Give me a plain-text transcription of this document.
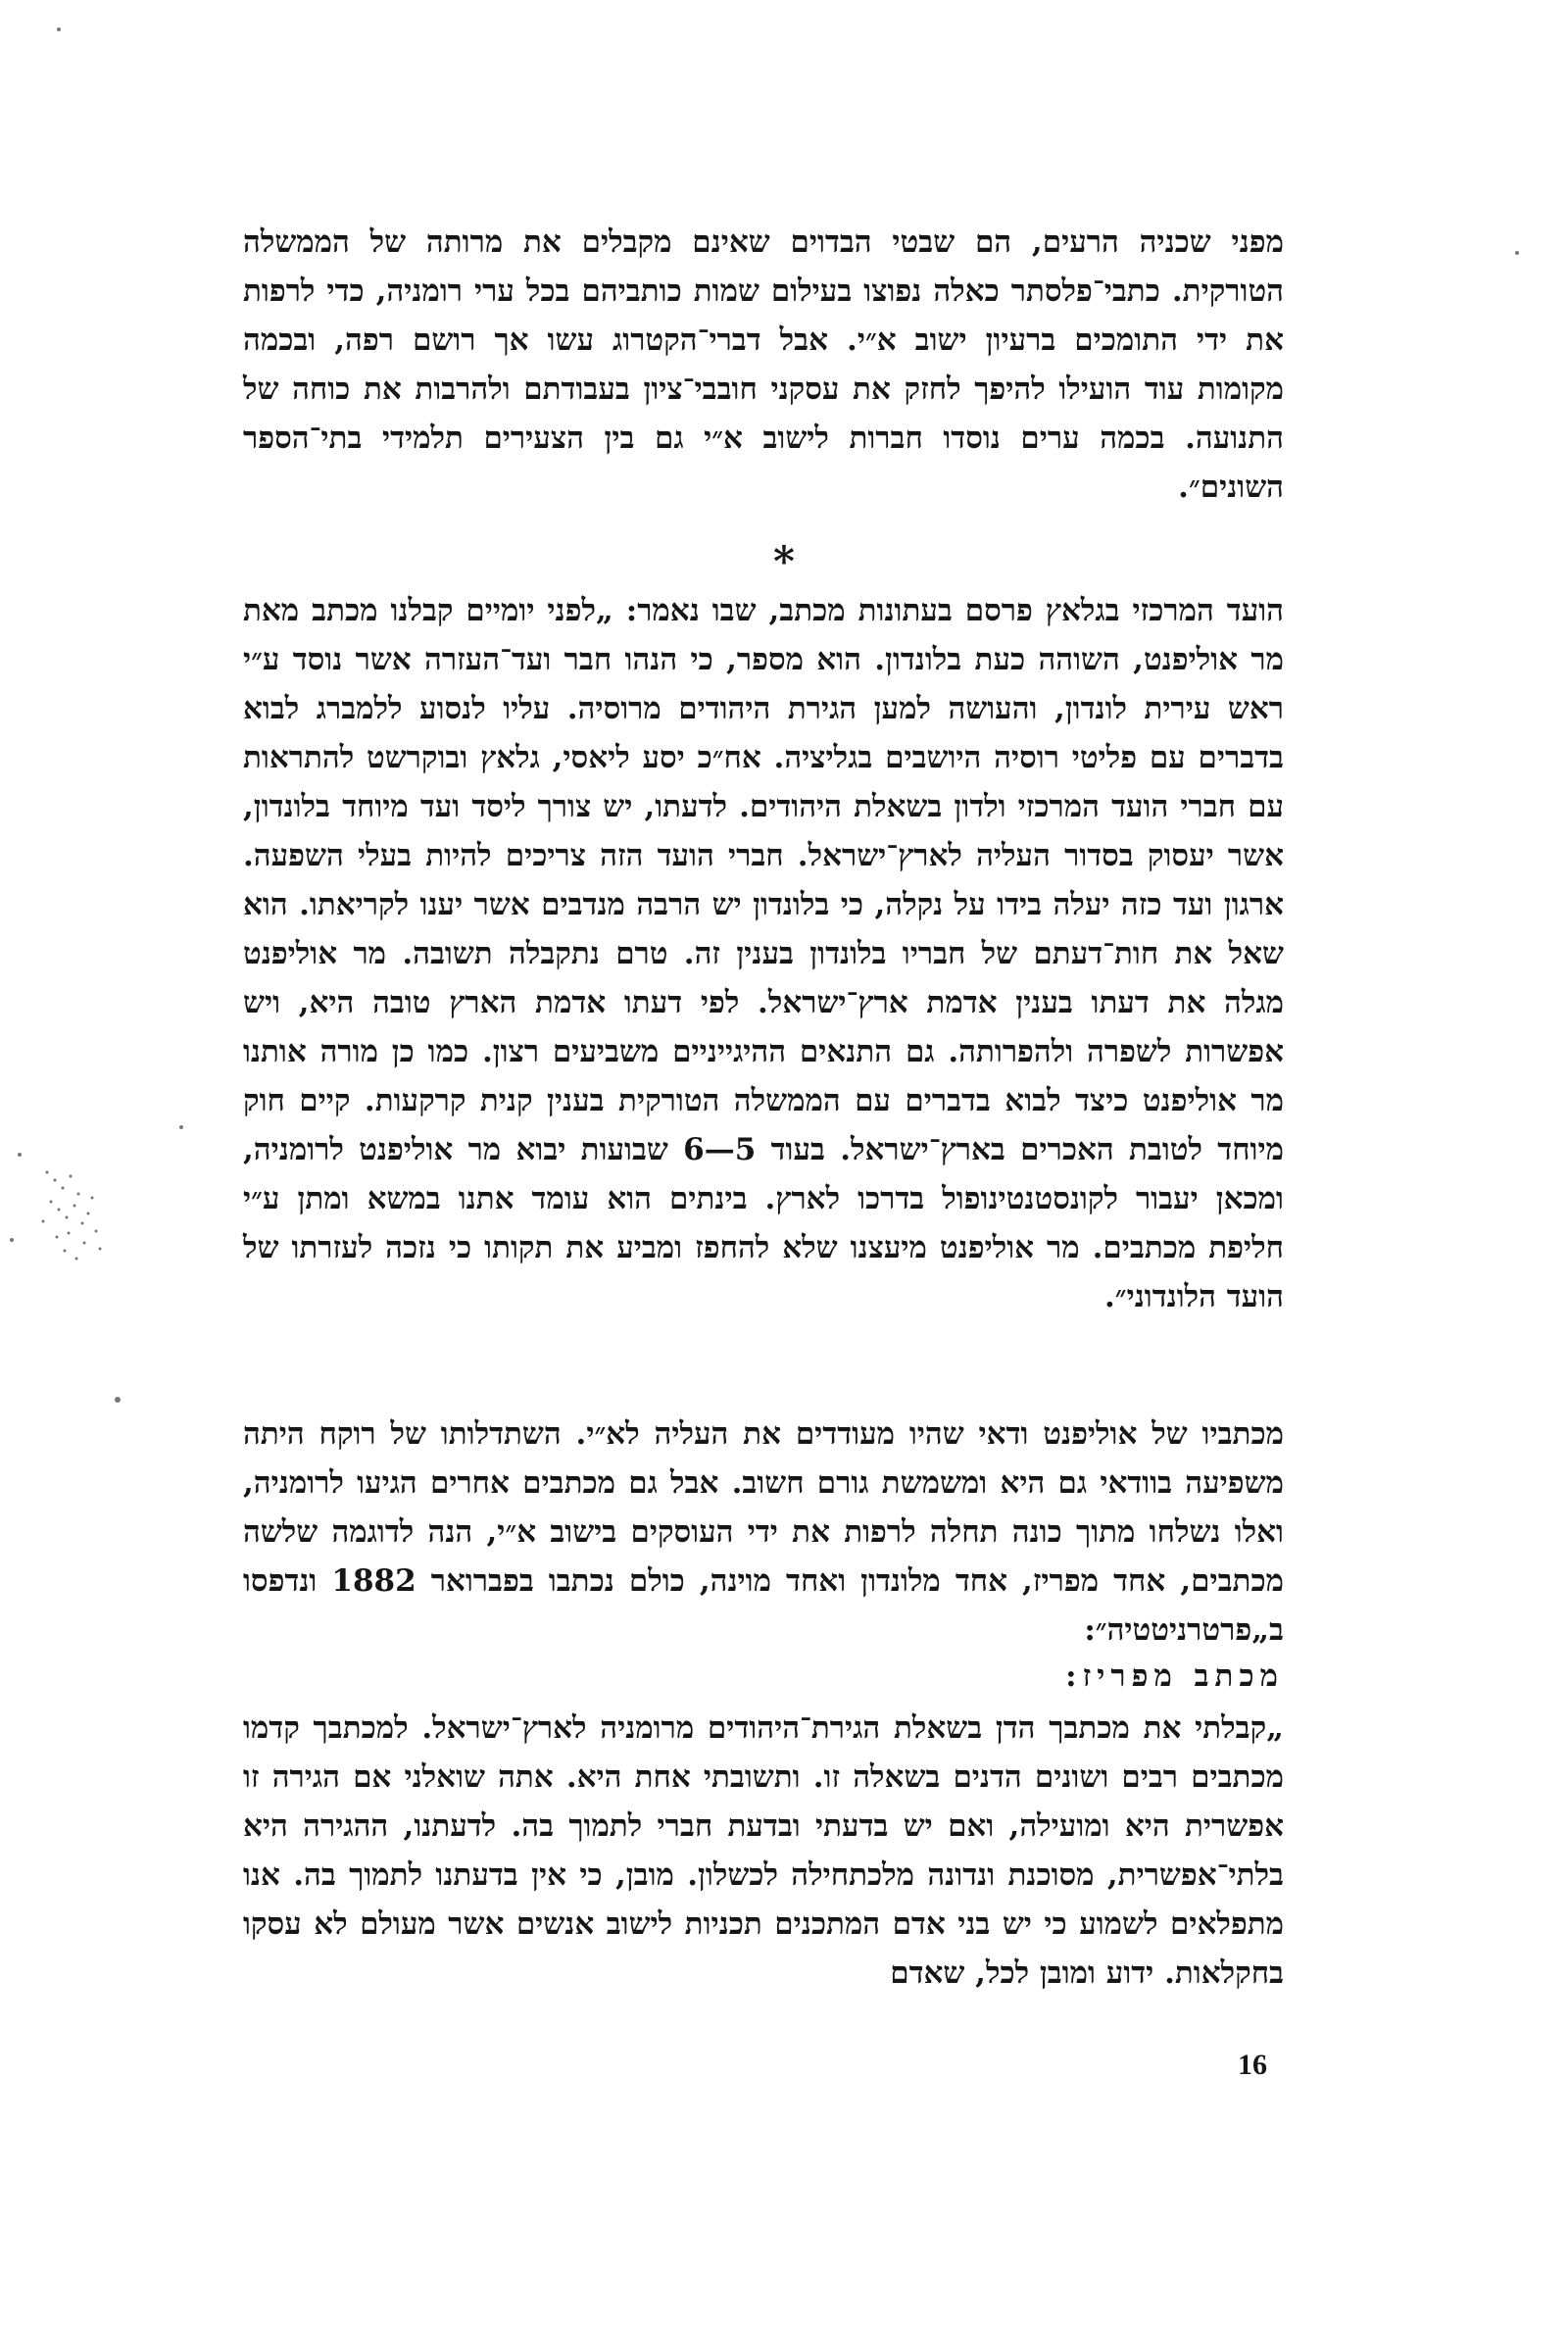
מפני שכניה הרעים, הם שבטי הבדוים שאינם מקבלים את מרותה של הממשלה הטורקית. כתבי־פלסתר כאלה נפוצו בעילום שמות כותביהם בכל ערי רומניה, כדי לרפות את ידי התומכים ברעיון ישוב א״י. אבל דברי־הקטרוג עשו אך רושם רפה, ובכמה מקומות עוד הועילו להיפך לחזק את עסקני חובבי־ציון בעבודתם ולהרבות את כוחה של התנועה. בכמה ערים נוסדו חברות לישוב א״י גם בין הצעירים תלמידי בתי־הספר השונים״.

*

הועד המרכזי בגלאץ פרסם בעתונות מכתב, שבו נאמר: „לפני יומיים קבלנו מכתב מאת מר אוליפנט, השוהה כעת בלונדון. הוא מספר, כי הנהו חבר ועד־העזרה אשר נוסד ע״י ראש עירית לונדון, והעושה למען הגירת היהודים מרוסיה. עליו לנסוע ללמברג לבוא בדברים עם פליטי רוסיה היושבים בגליציה. אח״כ יסע ליאסי, גלאץ ובוקרשט להתראות עם חברי הועד המרכזי ולדון בשאלת היהודים. לדעתו, יש צורך ליסד ועד מיוחד בלונדון, אשר יעסוק בסדור העליה לארץ־ישראל. חברי הועד הזה צריכים להיות בעלי השפעה. ארגון ועד כזה יעלה בידו על נקלה, כי בלונדון יש הרבה מנדבים אשר יענו לקריאתו. הוא שאל את חות־דעתם של חבריו בלונדון בענין זה. טרם נתקבלה תשובה. מר אוליפנט מגלה את דעתו בענין אדמת ארץ־ישראל. לפי דעתו אדמת הארץ טובה היא, ויש אפשרות לשפרה ולהפרותה. גם התנאים ההיגייניים משביעים רצון. כמו כן מורה אותנו מר אוליפנט כיצד לבוא בדברים עם הממשלה הטורקית בענין קנית קרקעות. קיים חוק מיוחד לטובת האכרים בארץ־ישראל. בעוד 5—6 שבועות יבוא מר אוליפנט לרומניה, ומכאן יעבור לקונסטנטינופול בדרכו לארץ. בינתים הוא עומד אתנו במשא ומתן ע״י חליפת מכתבים. מר אוליפנט מיעצנו שלא להחפז ומביע את תקותו כי נזכה לעזרתו של הועד הלונדוני״.

מכתביו של אוליפנט ודאי שהיו מעודדים את העליה לא״י. השתדלותו של רוקח היתה משפיעה בוודאי גם היא ומשמשת גורם חשוב. אבל גם מכתבים אחרים הגיעו לרומניה, ואלו נשלחו מתוך כונה תחלה לרפות את ידי העוסקים בישוב א״י, הנה לדוגמה שלשה מכתבים, אחד מפריז, אחד מלונדון ואחד מוינה, כולם נכתבו בפברואר 1882 ונדפסו ב„פרטרניטטיה״:

מכתב מפריז:

„קבלתי את מכתבך הדן בשאלת הגירת־היהודים מרומניה לארץ־ישראל. למכתבך קדמו מכתבים רבים ושונים הדנים בשאלה זו. ותשובתי אחת היא. אתה שואלני אם הגירה זו אפשרית היא ומועילה, ואם יש בדעתי ובדעת חברי לתמוך בה. לדעתנו, ההגירה היא בלתי־אפשרית, מסוכנת ונדונה מלכתחילה לכשלון. מובן, כי אין בדעתנו לתמוך בה. אנו מתפלאים לשמוע כי יש בני אדם המתכנים תכניות לישוב אנשים אשר מעולם לא עסקו בחקלאות. ידוע ומובן לכל, שאדם

16
